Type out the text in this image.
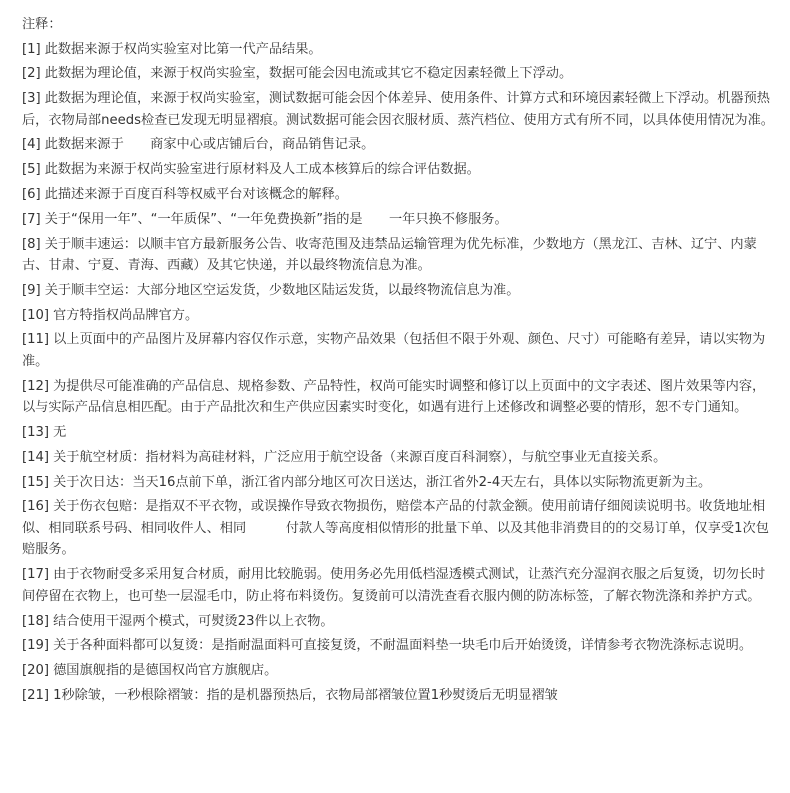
注释：
[1] 此数据来源于权尚实验室对比第一代产品结果。
[2] 此数据为理论值，来源于权尚实验室，数据可能会因电流或其它不稳定因素轻微上下浮动。
[3] 此数据为理论值，来源于权尚实验室，测试数据可能会因个体差异、使用条件、计算方式和环境因素轻微上下浮动。机器预热后，衣物局部needs检查已发现无明显褶痕。测试数据可能会因衣服材质、蒸汽档位、使用方式有所不同，以具体使用情况为准。
[4] 此数据来源于　　商家中心或店铺后台，商品销售记录。
[5] 此数据为来源于权尚实验室进行原材料及人工成本核算后的综合评估数据。
[6] 此描述来源于百度百科等权威平台对该概念的解释。
[7] 关于“保用一年”、“一年质保”、“一年免费换新”指的是　　一年只换不修服务。
[8] 关于顺丰速运：以顺丰官方最新服务公告、收寄范围及违禁品运输管理为优先标准，少数地方（黑龙江、吉林、辽宁、内蒙古、甘肃、宁夏、青海、西藏）及其它快递，并以最终物流信息为准。
[9] 关于顺丰空运：大部分地区空运发货，少数地区陆运发货，以最终物流信息为准。
[10] 官方特指权尚品牌官方。
[11] 以上页面中的产品图片及屏幕内容仅作示意，实物产品效果（包括但不限于外观、颜色、尺寸）可能略有差异，请以实物为准。
[12] 为提供尽可能准确的产品信息、规格参数、产品特性，权尚可能实时调整和修订以上页面中的文字表述、图片效果等内容，以与实际产品信息相匹配。由于产品批次和生产供应因素实时变化，如遇有进行上述修改和调整必要的情形，恕不专门通知。
[13] 无
[14] 关于航空材质：指材料为高硅材料，广泛应用于航空设备（来源百度百科洞察），与航空事业无直接关系。
[15] 关于次日达：当天16点前下单，浙江省内部分地区可次日送达，浙江省外2-4天左右，具体以实际物流更新为主。
[16] 关于伤衣包赔：是指双不平衣物，或误操作导致衣物损伤，赔偿本产品的付款金额。使用前请仔细阅读说明书。收货地址相似、相同联系号码、相同收件人、相同　　　付款人等高度相似情形的批量下单、以及其他非消费目的的交易订单，仅享受1次包赔服务。
[17] 由于衣物耐受多采用复合材质，耐用比较脆弱。使用务必先用低档湿透模式测试，让蒸汽充分湿润衣服之后复烫，切勿长时间停留在衣物上，也可垫一层湿毛巾，防止将布料烫伤。复烫前可以清洗查看衣服内侧的防冻标签，了解衣物洗涤和养护方式。
[18] 结合使用干湿两个模式，可熨烫23件以上衣物。
[19] 关于各种面料都可以复烫：是指耐温面料可直接复烫，不耐温面料垫一块毛巾后开始烫烫，详情参考衣物洗涤标志说明。
[20] 德国旗舰指的是德国权尚官方旗舰店。
[21] 1秒除皱，一秒根除褶皱：指的是机器预热后，衣物局部褶皱位置1秒熨烫后无明显褶皱
